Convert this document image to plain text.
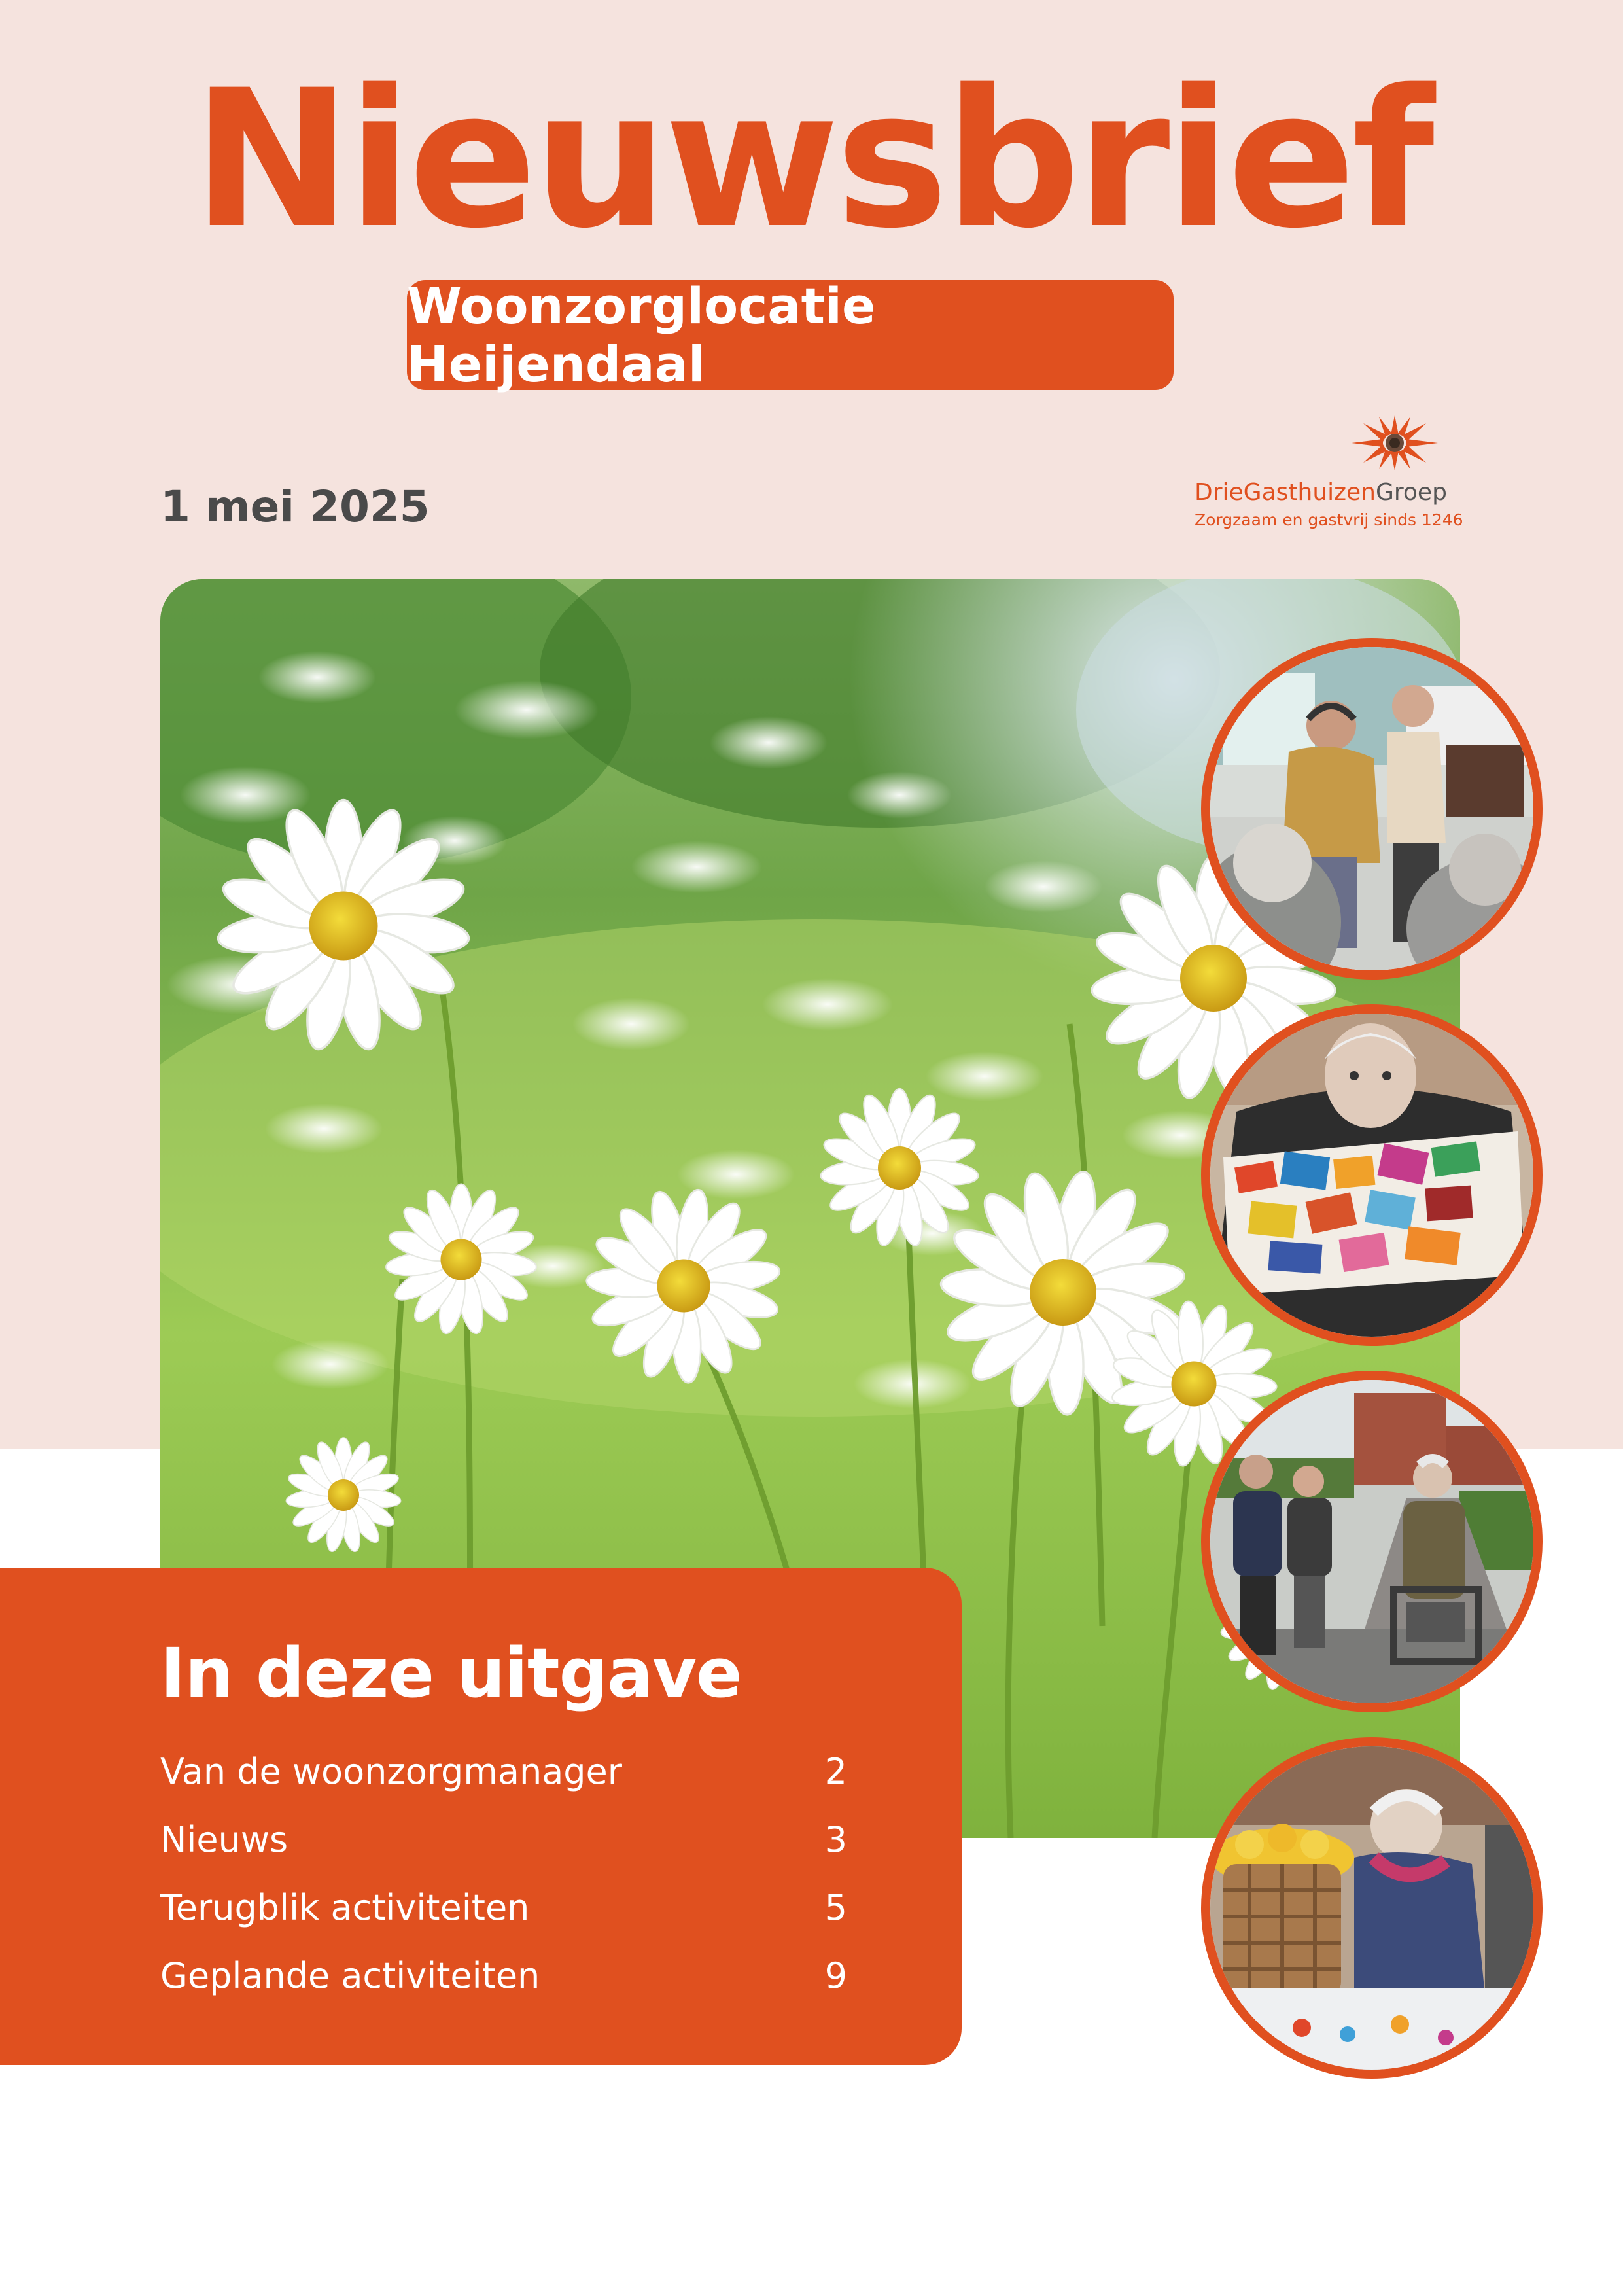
Nieuwsbrief
Woonzorglocatie Heijendaal
1 mei 2025	DrieGasthuizenGroep
Zorgzaam en gastvrij sinds 1246
In deze uitgave
Van de woonzorgmanager	2
Nieuws	3
Terugblik activiteiten	5
Geplande activiteiten	9
